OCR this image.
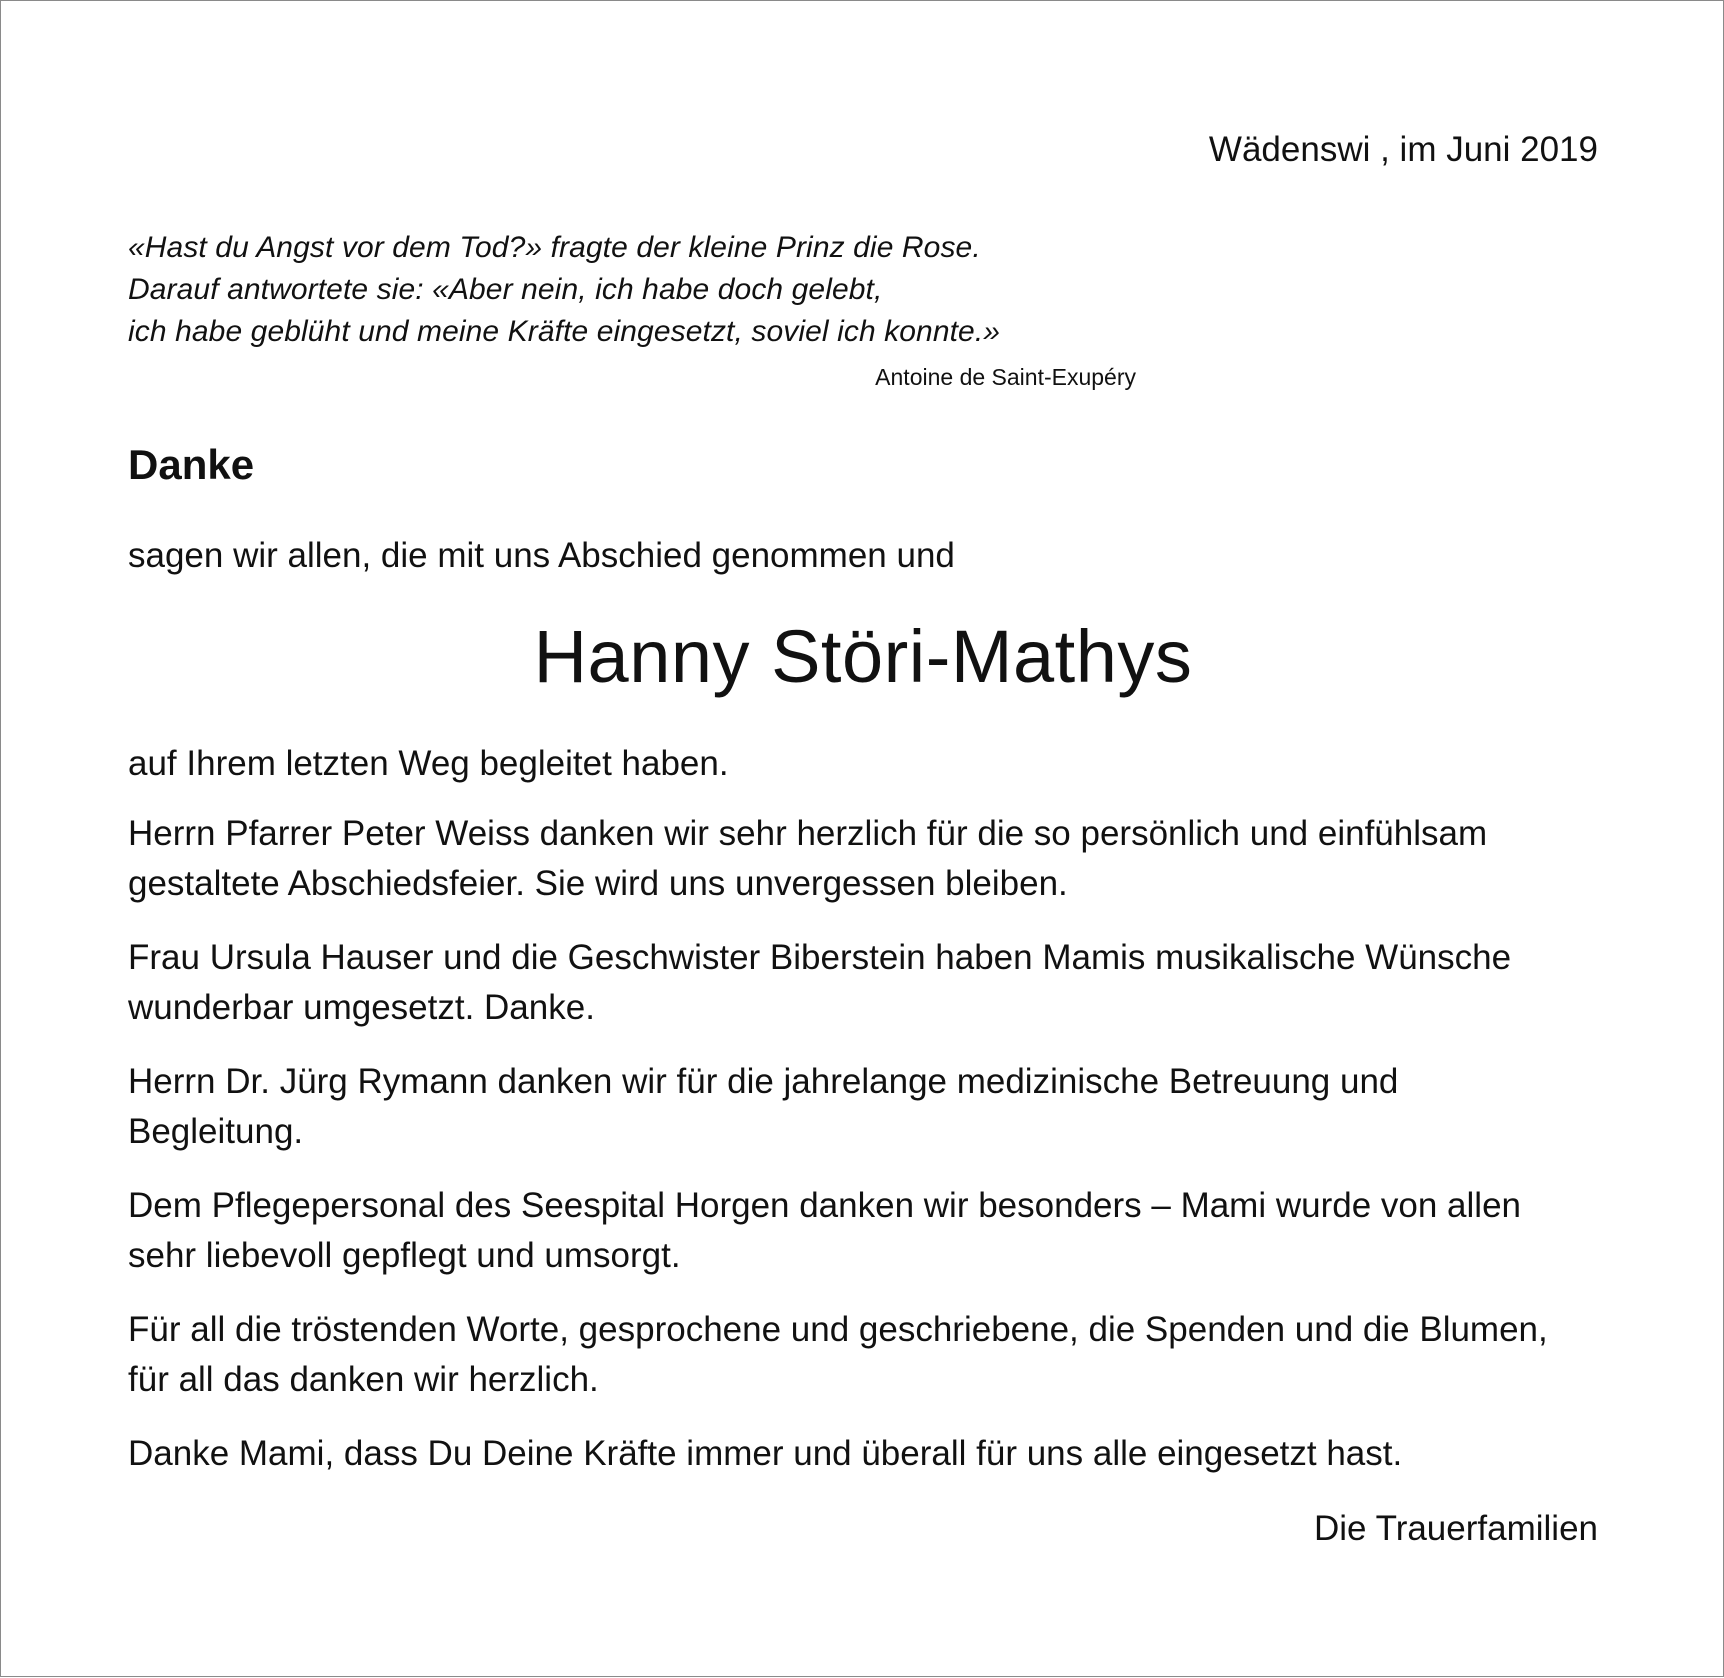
Wädenswi , im Juni 2019
«Hast du Angst vor dem Tod?» fragte der kleine Prinz die Rose.
Darauf antwortete sie: «Aber nein, ich habe doch gelebt,
ich habe geblüht und meine Kräfte eingesetzt, soviel ich konnte.»
Antoine de Saint-Exupéry
Danke
sagen wir allen, die mit uns Abschied genommen und
Hanny Störi-Mathys
auf Ihrem letzten Weg begleitet haben.

Herrn Pfarrer Peter Weiss danken wir sehr herzlich für die so persönlich und einfühlsam
gestaltete Abschiedsfeier. Sie wird uns unvergessen bleiben.

Frau Ursula Hauser und die Geschwister Biberstein haben Mamis musikalische Wünsche
wunderbar umgesetzt. Danke.

Herrn Dr. Jürg Rymann danken wir für die jahrelange medizinische Betreuung und
Begleitung.

Dem Pflegepersonal des Seespital Horgen danken wir besonders – Mami wurde von allen
sehr liebevoll gepflegt und umsorgt.

Für all die tröstenden Worte, gesprochene und geschriebene, die Spenden und die Blumen,
für all das danken wir herzlich.

Danke Mami, dass Du Deine Kräfte immer und überall für uns alle eingesetzt hast.

Die Trauerfamilien
